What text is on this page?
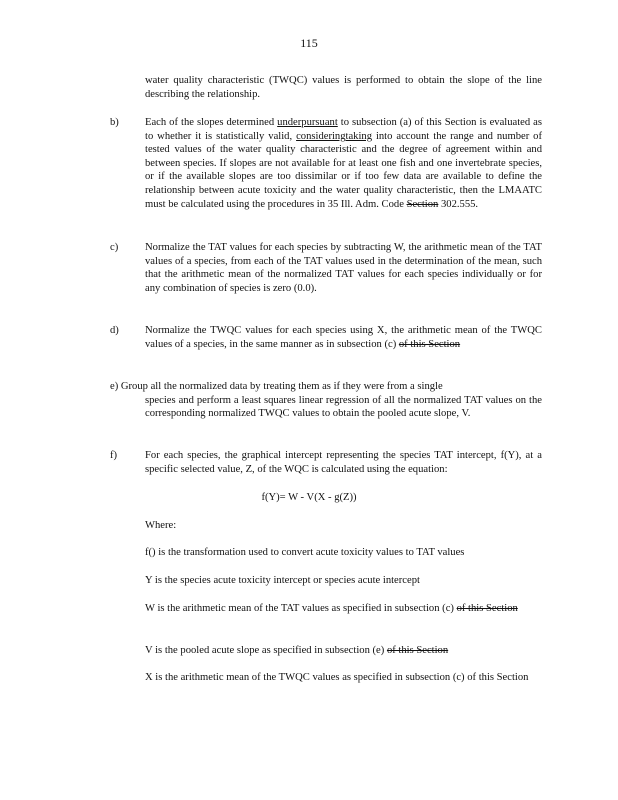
115
water quality characteristic (TWQC) values is performed to obtain the slope of the line describing the relationship.
b) Each of the slopes determined underpursuant to subsection (a) of this Section is evaluated as to whether it is statistically valid, consideringtaking into account the range and number of tested values of the water quality characteristic and the degree of agreement within and between species. If slopes are not available for at least one fish and one invertebrate species, or if the available slopes are too dissimilar or if too few data are available to define the relationship between acute toxicity and the water quality characteristic, then the LMAATC must be calculated using the procedures in 35 Ill. Adm. Code Section 302.555.
c)	Normalize the TAT values for each species by subtracting W, the arithmetic mean of the TAT values of a species, from each of the TAT values used in the determination of the mean, such that the arithmetic mean of the normalized TAT values for each species individually or for any combination of species is zero (0.0).
d) Normalize the TWQC values for each species using X, the arithmetic mean of the TWQC values of a species, in the same manner as in subsection (c) of this Section
e) Group all the normalized data by treating them as if they were from a single
species and perform a least squares linear regression of all the normalized TAT values on the corresponding normalized TWQC values to obtain the pooled acute slope, V.
f)	For each species, the graphical intercept representing the species TAT intercept, f(Y), at a specific selected value, Z, of the WQC is calculated using the equation:
f(Y)= W - V(X - g(Z))
Where:
f() is the transformation used to convert acute toxicity values to TAT values
Y is the species acute toxicity intercept or species acute intercept
W is the arithmetic mean of the TAT values as specified in subsection (c) of this Section
V is the pooled acute slope as specified in subsection (e) of this Section
X is the arithmetic mean of the TWQC values as specified in subsection (c) of this Section
